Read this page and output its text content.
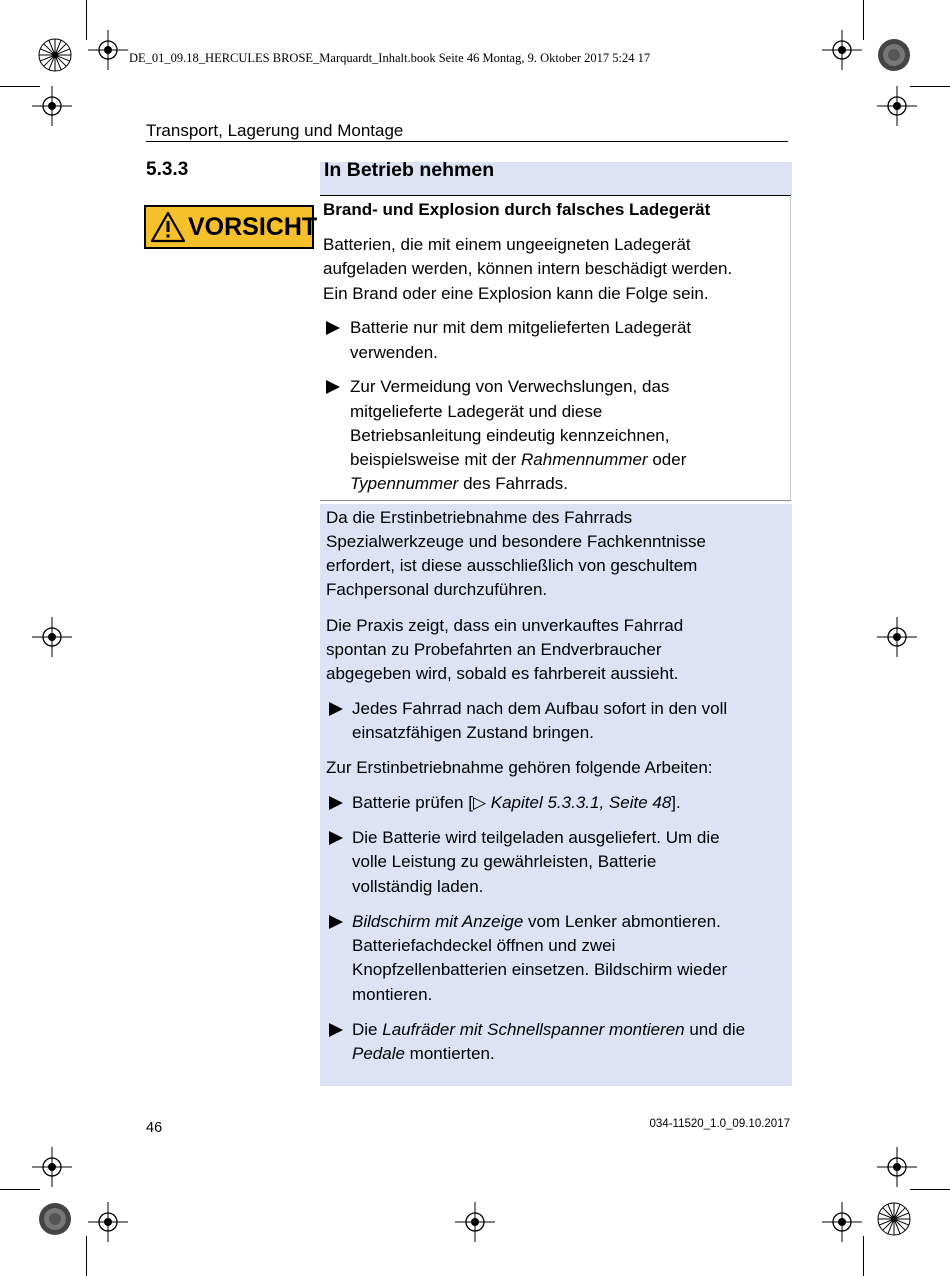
DE_01_09.18_HERCULES BROSE_Marquardt_Inhalt.book Seite 46 Montag, 9. Oktober 2017 5:24 17
Transport, Lagerung und Montage
5.3.3	In Betrieb nehmen
VORSICHT
Brand- und Explosion durch falsches Ladegerät
Batterien, die mit einem ungeeigneten Ladegerät
aufgeladen werden, können intern beschädigt werden.
Ein Brand oder eine Explosion kann die Folge sein.
Batterie nur mit dem mitgelieferten Ladegerät
verwenden.
Zur Vermeidung von Verwechslungen, das
mitgelieferte Ladegerät und diese
Betriebsanleitung eindeutig kennzeichnen,
beispielsweise mit der Rahmennummer oder
Typennummer des Fahrrads.
Da die Erstinbetriebnahme des Fahrrads
Spezialwerkzeuge und besondere Fachkenntnisse
erfordert, ist diese ausschließlich von geschultem
Fachpersonal durchzuführen.
Die Praxis zeigt, dass ein unverkauftes Fahrrad
spontan zu Probefahrten an Endverbraucher
abgegeben wird, sobald es fahrbereit aussieht.
Jedes Fahrrad nach dem Aufbau sofort in den voll
einsatzfähigen Zustand bringen.
Zur Erstinbetriebnahme gehören folgende Arbeiten:
Batterie prüfen [▷ Kapitel 5.3.3.1, Seite 48].
Die Batterie wird teilgeladen ausgeliefert. Um die
volle Leistung zu gewährleisten, Batterie
vollständig laden.
Bildschirm mit Anzeige vom Lenker abmontieren.
Batteriefachdeckel öffnen und zwei
Knopfzellenbatterien einsetzen. Bildschirm wieder
montieren.
Die Laufräder mit Schnellspanner montieren und die
Pedale montierten.
46	034-11520_1.0_09.10.2017
